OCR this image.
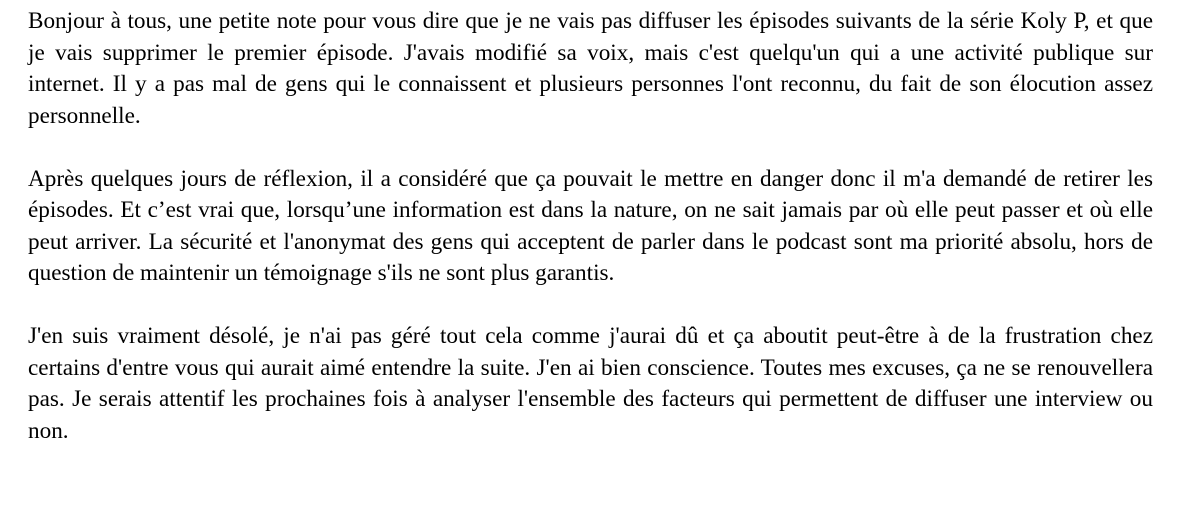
Bonjour à tous, une petite note pour vous dire que je ne vais pas diffuser les épisodes suivants de la série Koly P, et que je vais supprimer le premier épisode. J'avais modifié sa voix, mais c'est quelqu'un qui a une activité publique sur internet. Il y a pas mal de gens qui le connaissent et plusieurs personnes l'ont reconnu, du fait de son élocution assez personnelle.

Après quelques jours de réflexion, il a considéré que ça pouvait le mettre en danger donc il m'a demandé de retirer les épisodes. Et c’est vrai que, lorsqu’une information est dans la nature, on ne sait jamais par où elle peut passer et où elle peut arriver. La sécurité et l'anonymat des gens qui acceptent de parler dans le podcast sont ma priorité absolu, hors de question de maintenir un témoignage s'ils ne sont plus garantis.

J'en suis vraiment désolé, je n'ai pas géré tout cela comme j'aurai dû et ça aboutit peut-être à de la frustration chez certains d'entre vous qui aurait aimé entendre la suite. J'en ai bien conscience. Toutes mes excuses, ça ne se renouvellera pas. Je serais attentif les prochaines fois à analyser l'ensemble des facteurs qui permettent de diffuser une interview ou non.
